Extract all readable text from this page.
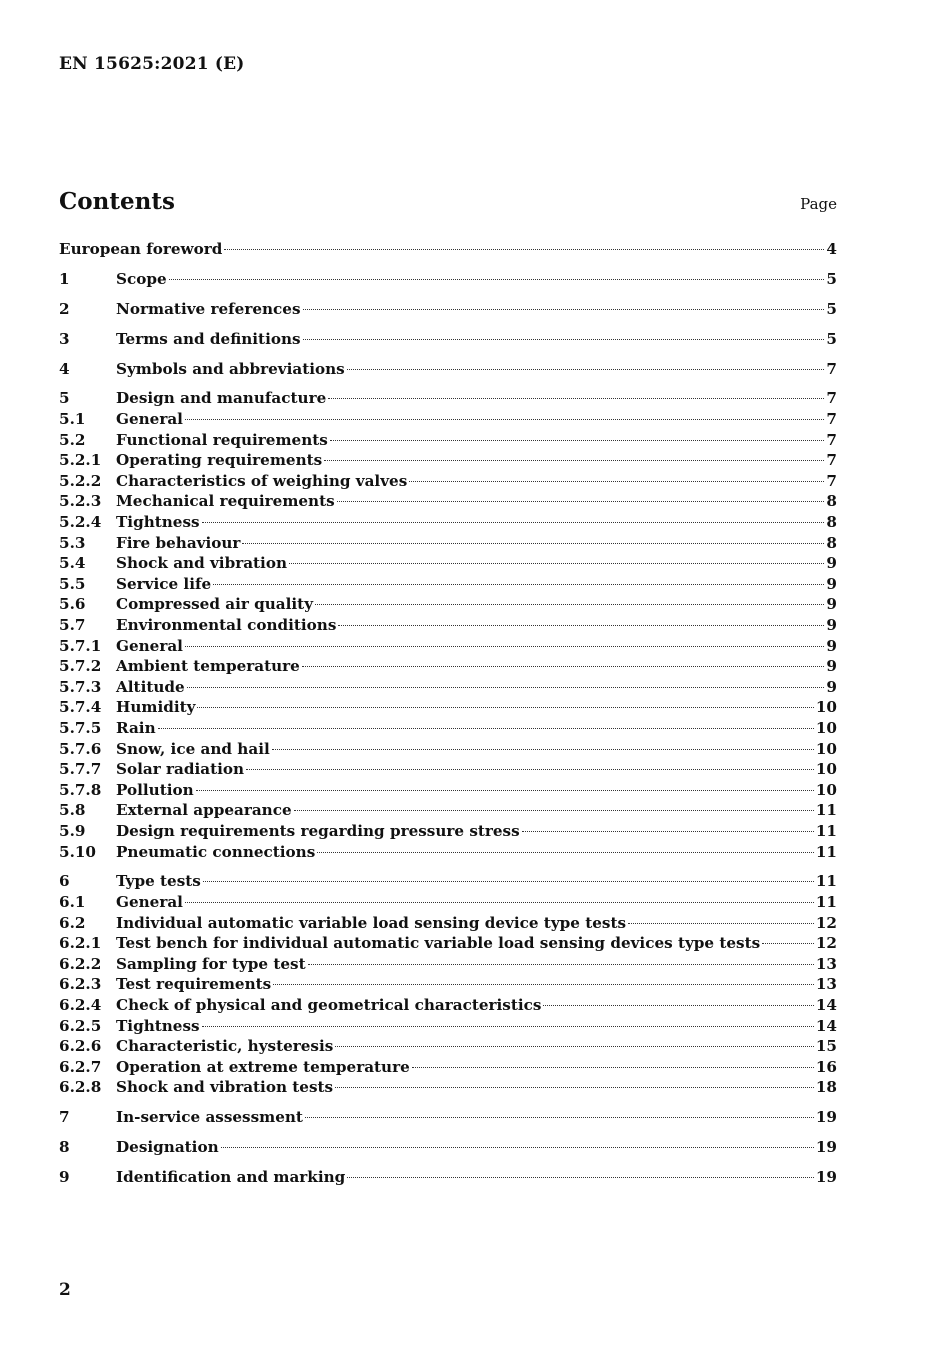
EN 15625:2021 (E)
Contents	Page
European foreword	4
1	Scope	5
2	Normative references	5
3	Terms and definitions	5
4	Symbols and abbreviations	7
5	Design and manufacture	7
5.1	General	7
5.2	Functional requirements	7
5.2.1 Operating requirements	7
5.2.2 Characteristics of weighing valves	7
5.2.3 Mechanical requirements	8
5.2.4 Tightness	8
5.3	Fire behaviour	8
5.4	Shock and vibration	9
5.5	Service life	9
5.6	Compressed air quality	9
5.7	Environmental conditions	9
5.7.1 General	9
5.7.2 Ambient temperature	9
5.7.3 Altitude	9
5.7.4 Humidity	10
5.7.5 Rain	10
5.7.6 Snow, ice and hail	10
5.7.7 Solar radiation	10
5.7.8 Pollution	10
5.8	External appearance	11
5.9	Design requirements regarding pressure stress	11
5.10	Pneumatic connections	11
6	Type tests	11
6.1	General	11
6.2	Individual automatic variable load sensing device type tests	12
6.2.1 Test bench for individual automatic variable load sensing devices type tests	12
6.2.2 Sampling for type test	13
6.2.3 Test requirements	13
6.2.4 Check of physical and geometrical characteristics	14
6.2.5 Tightness	14
6.2.6 Characteristic, hysteresis	15
6.2.7 Operation at extreme temperature	16
6.2.8 Shock and vibration tests	18
7	In-service assessment	19
8	Designation	19
9	Identification and marking	19
2
